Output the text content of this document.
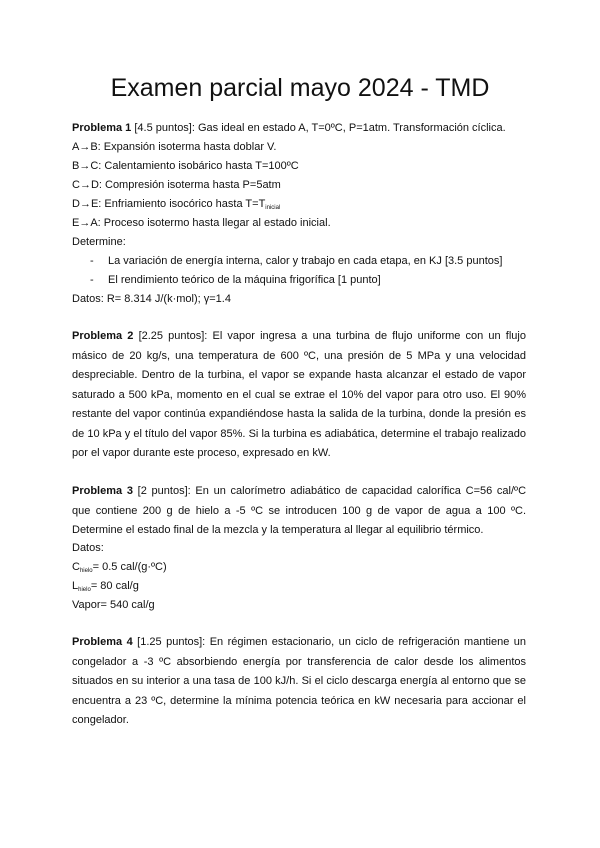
Examen parcial mayo 2024 - TMD
Problema 1 [4.5 puntos]: Gas ideal en estado A, T=0ºC, P=1atm. Transformación cíclica.
A→B: Expansión isoterma hasta doblar V.
B→C: Calentamiento isobárico hasta T=100ºC
C→D: Compresión isoterma hasta P=5atm
D→E: Enfriamiento isocórico hasta $T=T_{inicial}$
E→A: Proceso isotermo hasta llegar al estado inicial.
Determine:
- La variación de energía interna, calor y trabajo en cada etapa, en KJ [3.5 puntos]
- El rendimiento teórico de la máquina frigorífica [1 punto]
Datos: R= 8.314 J/(k·mol); γ=1.4
Problema 2 [2.25 puntos]: El vapor ingresa a una turbina de flujo uniforme con un flujo másico de 20 kg/s, una temperatura de 600 ºC, una presión de 5 MPa y una velocidad despreciable. Dentro de la turbina, el vapor se expande hasta alcanzar el estado de vapor saturado a 500 kPa, momento en el cual se extrae el 10% del vapor para otro uso. El 90% restante del vapor continúa expandiéndose hasta la salida de la turbina, donde la presión es de 10 kPa y el título del vapor 85%. Si la turbina es adiabática, determine el trabajo realizado por el vapor durante este proceso, expresado en kW.
Problema 3 [2 puntos]: En un calorímetro adiabático de capacidad calorífica C=56 cal/ºC que contiene 200 g de hielo a -5 ºC se introducen 100 g de vapor de agua a 100 ºC. Determine el estado final de la mezcla y la temperatura al llegar al equilibrio térmico.
Datos:
$C_{hielo}= 0.5$ cal/(g·ºC)
$L_{hielo}= 80$ cal/g
Vapor= 540 cal/g
Problema 4 [1.25 puntos]: En régimen estacionario, un ciclo de refrigeración mantiene un congelador a -3 ºC absorbiendo energía por transferencia de calor desde los alimentos situados en su interior a una tasa de 100 kJ/h. Si el ciclo descarga energía al entorno que se encuentra a 23 ºC, determine la mínima potencia teórica en kW necesaria para accionar el congelador.
